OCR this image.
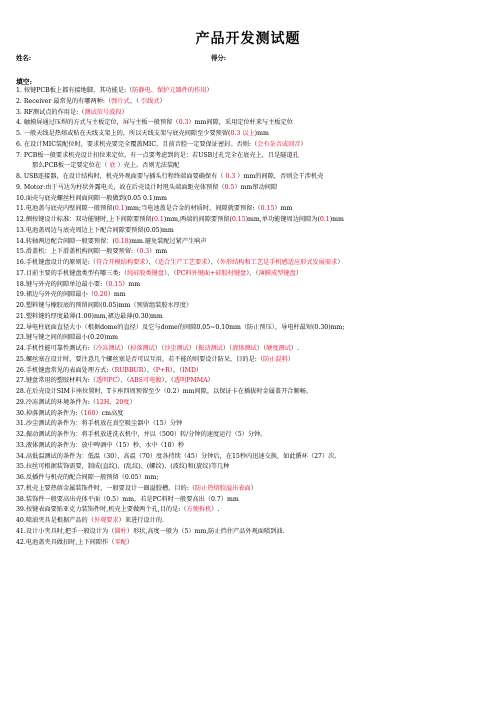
产品开发测试题
姓名:	得分:
填空:
1. 按键PCB板上都有接地脚，其功能是:（防静电、保护元器件的作用）
2. Receiver 最常见的有哪两种:（弹片式、（ 引线式）
3. RF测试点的作用是:（测试信号波段）
4. 触摸屏通过压焊的方式与主板定位，屏与主板一般预留（0.3）mm间隙，采用定位柱来与主板定位
5. 一般天线是热熔或贴在天线支架上的，所以天线支架与底壳间隙至少要预留(0.3 以上)mm
6. 在设计MIC装配位时，要求机壳要完全覆盖MIC，且前音腔一定要保证密封。否则:（会有杂音或回音）
7. PCB板一般要求机壳设计扣位来定位。有一点要考虑到的是：若USB过孔完全在底壳上，且是隧道孔
那么PCB板一定要定位在（ 底 ）壳上。否则无法装配
8. USB连接器，在设计结构时，机壳外观面要与插头行程终端面要确保有（ 0.3 ）mm的间隙，否则会干涉机壳
9. Motor:由于马达为柱状外露电关，故在后壳设计时甩头端面距壳体预留（0.5）mm窜动间隙
10.面壳与底壳螺丝柱间面间隙一般做到(0.05 0.1)mm
11.电池盖与底壳内壁间隙一般预留(0.1)mm;当电池盖是合金的材质时，间隙就要预留:（0.15）mm
12.侧按键设计标准：双功能键时,上下间隙要预留(0.1)mm,两端的间隙要预留(0.15)mm,单功能键周边间隙为(0.1)mm
13.电池盖周边与底壳周边上下配合间隙要预留(0.05)mm
14.转轴两边配合间隙一般要预留：(0.18)mm.避免装配过紧产生响声
15.滑盖机：上下滑盖机构间隙一般要预留:（0.3）mm
16.手机键盘设计的原则是:（符合开模结构要求）、（适合生产工艺要求）、（外形结构和工艺是手机感适应形式发展需求）
17.目前主要的手机键盘类型有哪三类:（纯硅胶类键盘）、（PC料外键面+硅胶衬键盘）、（薄膜成型键盘）
18.键与外壳的间隙单边最小要:（0.15）mm
19.裙边与外壳的间隙最小（0.20）mm
20.塑料键与橡胶底的预留间隙(0.05)mm（预留组装胶水厚度）
21.塑料键的厚度最薄(1.00)mm,裙边最薄(0.30)mm
22.导电柱底面直径大小（根据dome的直径）及它与dome的间隙0.05~0.10mm（防止预压），导电柱最短(0.30)mm;
23.键与键之间的间隙最小(0.20)mm
24.手机性能可靠性测试有:（冷冻测试）（掉落测试）（沙尘测试）（振动测试）（液体测试）（硬度测试）.
25.螺丝塞在设计时，要注意几个螺丝塞是否可以互用，若不能的则要设计防呆，目的是:（防止混料）
26.手机键盘常见的表面处理方式:（RUBBUR）、（P+R）、（IMD）
27.键盘常用的塑胶材料为:（透明PC）、（ABS可电镀）、（透明PMMA）
28.在后壳设计SIM卡座位置时，T卡座四周预留至少（0.2）mm间隙，以保证卡在插拔时金属盖开合顺畅。
29.冷冻测试的环境条件为:（12H、20度）
30.掉落测试的条件为:（160）cm高度
31.沙尘测试的条件为：将手机放在真空吸尘器中（15）分钟
32.振动测试的条件为：将手机放进洗衣机中，并以（500）转/分钟的速度运行（5）分钟。
33.液体测试的条件为：放中啤酒中（15）秒、水中（10）秒
34.高低温测试的条件为：低温（30）、高温（70）度各持续（45）分钟后，在15秒内迅速交换，如此循环（27）次.
35.拉丝可根据装饰需要，制成(直纹)、(乱纹)、(螺纹)、(波纹)和(旋纹)等几种
36.反插件与机壳的配合间隙一般预留（0.05）mm;
37.机壳上要热熔金属装饰件时，一般要设计一圈溢胶槽，目的:（防止热熔胶溢出表面）
38.装饰件一般要高出壳体平面（0.5）mm，若是PC料时一般要高出（0.7）mm
39.按键表面要贴亚克力装饰件时,机壳上要做两个孔,目的是:（方便拆机）.
40.喷油夹具是根据产品的（外观要求）来进行设计的.
41.设计小夹具时,把手一般设计为（圆柱）形状,高度一般为（5）mm,防止挡住产品外观面喷到油.
42.电池盖夹具做扣时,上下间隙作（零配）
